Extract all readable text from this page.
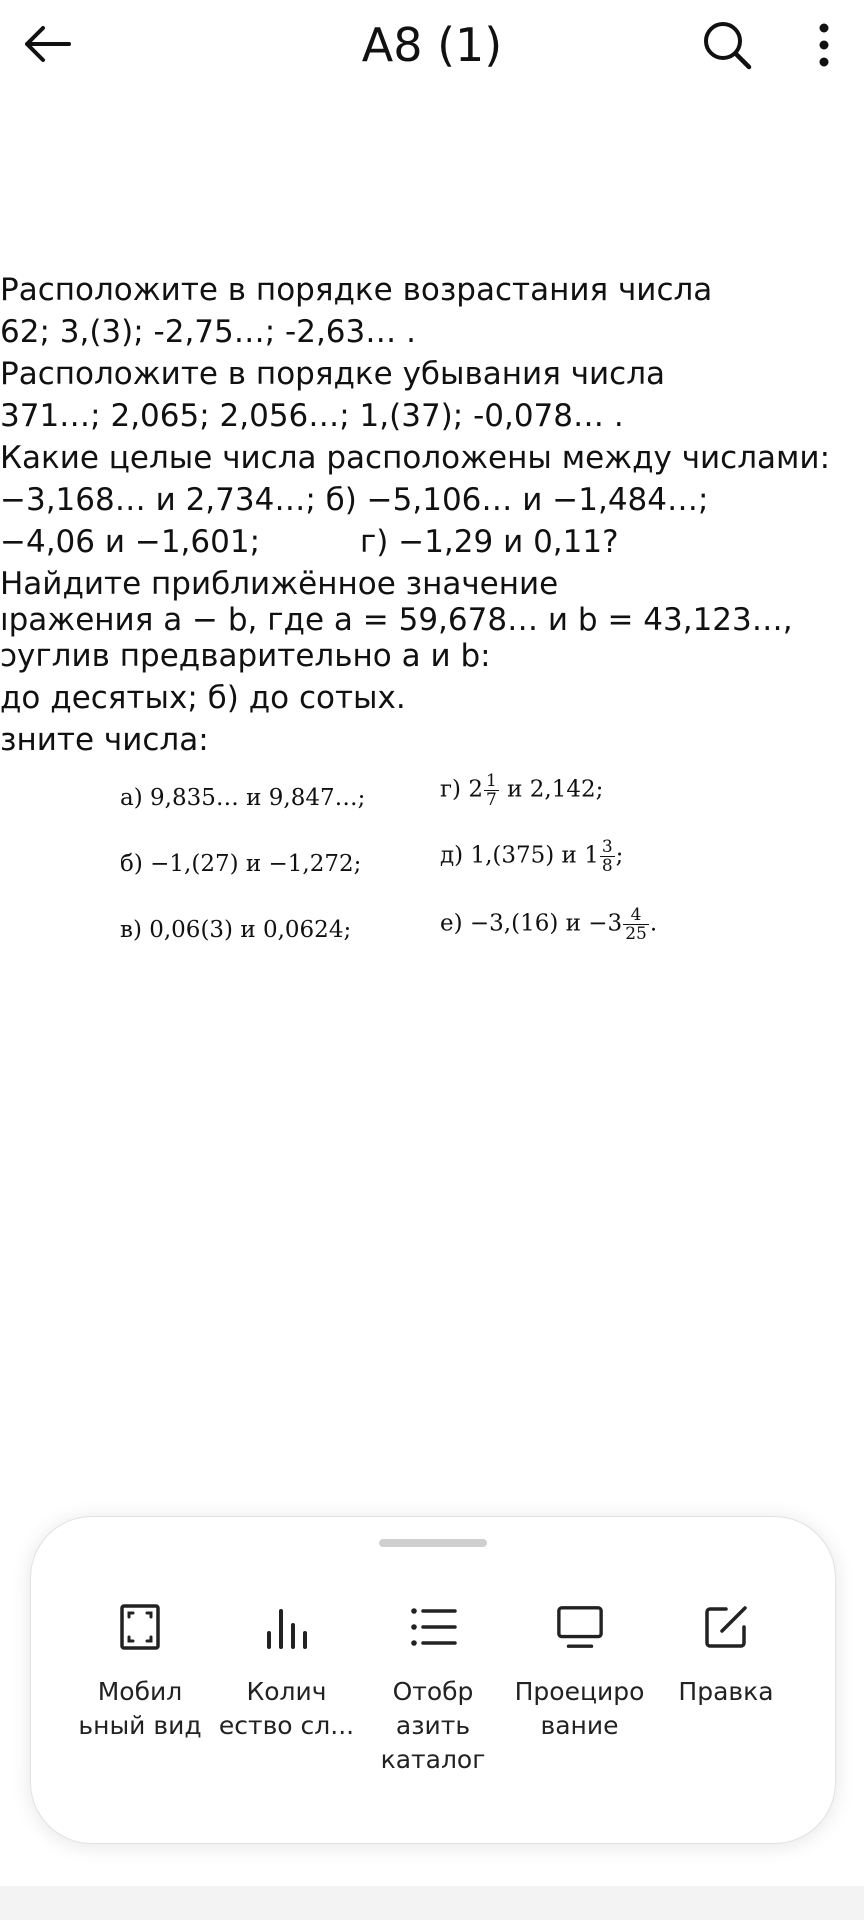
А8 (1)
Расположите в порядке возрастания числа
62; 3,(3); -2,75…; -2,63… .
Расположите в порядке убывания числа
371…; 2,065; 2,056…; 1,(37); -0,078… .
Какие целые числа расположены между числами:
−3,168… и 2,734…; б) −5,106… и −1,484…;
−4,06 и −1,601;	г) −1,29 и 0,11?
Найдите приближённое значение
ıражения a − b, где a = 59,678… и b = 43,123…,
ɔуглив предварительно a и b:
до десятых; б) до сотых.
зните числа:
а) 9,835… и 9,847…;
б) −1,(27) и −1,272;
в) 0,06(3) и 0,0624;
г) $2 \frac{1}{7}$ и 2,142;
д) 1,(375) и $1 \frac{3}{8}$ ;
е) −3,(16) $и -3 \frac{4}{25}$ .
Мобил ьный вид
Колич ество сл...
Отобр азить каталог
Проециро вание
Правка
